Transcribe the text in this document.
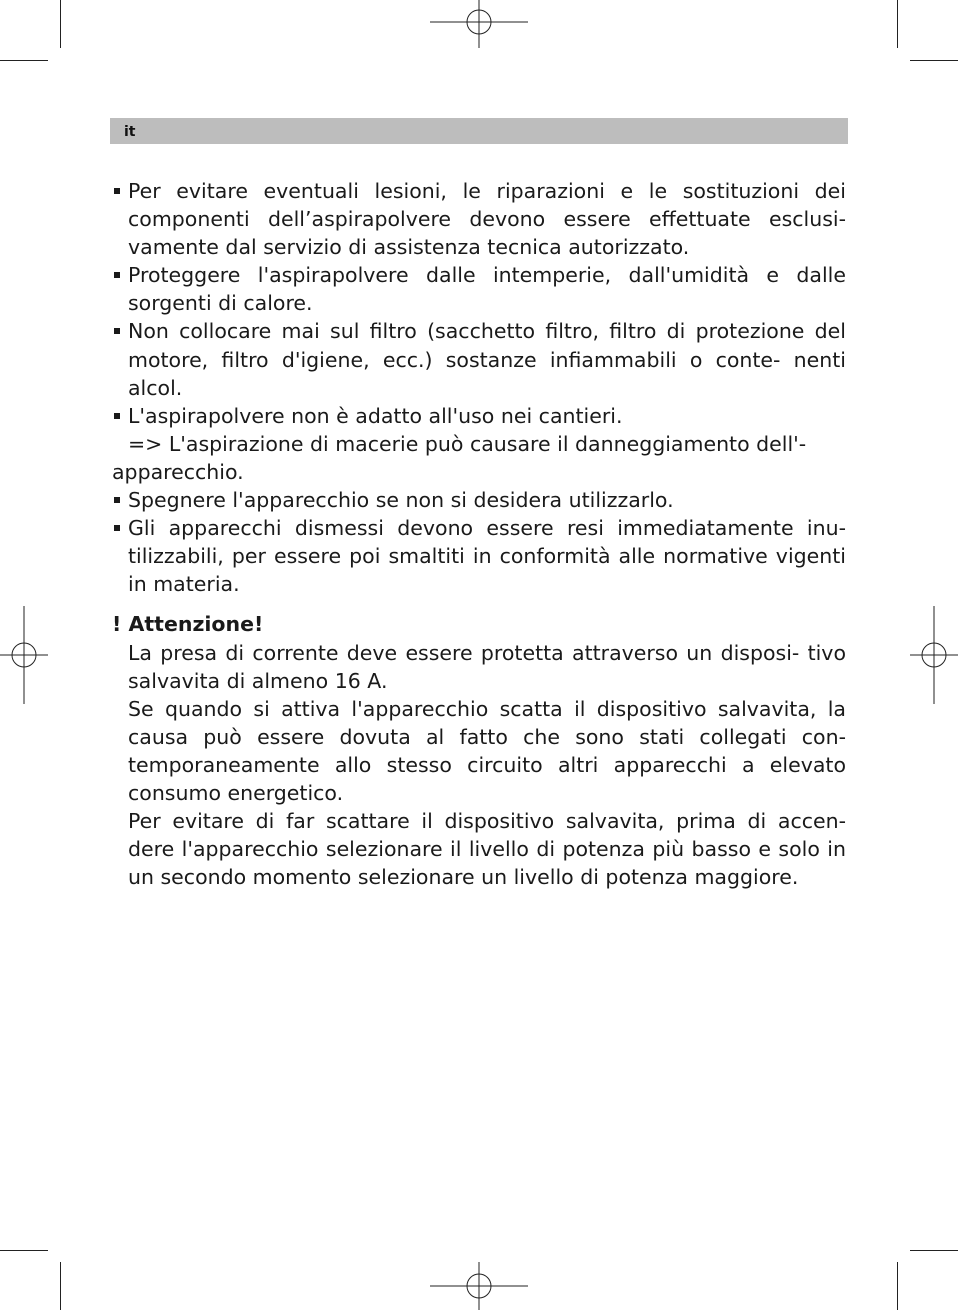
it
Per evitare eventuali lesioni, le riparazioni e le sostituzioni dei componenti dell’aspirapolvere devono essere effettuate esclusi- vamente dal servizio di assistenza tecnica autorizzato.
Proteggere l'aspirapolvere dalle intemperie, dall'umidità e dalle sorgenti di calore.
Non collocare mai sul filtro (sacchetto filtro, filtro di protezione del motore, filtro d'igiene, ecc.) sostanze infiammabili o conte- nenti alcol.
L'aspirapolvere non è adatto all'uso nei cantieri.
=> L'aspirazione di macerie può causare il danneggiamento dell'-
apparecchio.
Spegnere l'apparecchio se non si desidera utilizzarlo.
Gli apparecchi dismessi devono essere resi immediatamente inu- tilizzabili, per essere poi smaltiti in conformità alle normative vigenti in materia.
! Attenzione!
La presa di corrente deve essere protetta attraverso un disposi- tivo salvavita di almeno 16 A.
Se quando si attiva l'apparecchio scatta il dispositivo salvavita, la causa può essere dovuta al fatto che sono stati collegati con- temporaneamente allo stesso circuito altri apparecchi a elevato consumo energetico.
Per evitare di far scattare il dispositivo salvavita, prima di accen- dere l'apparecchio selezionare il livello di potenza più basso e solo in un secondo momento selezionare un livello di potenza maggiore.
